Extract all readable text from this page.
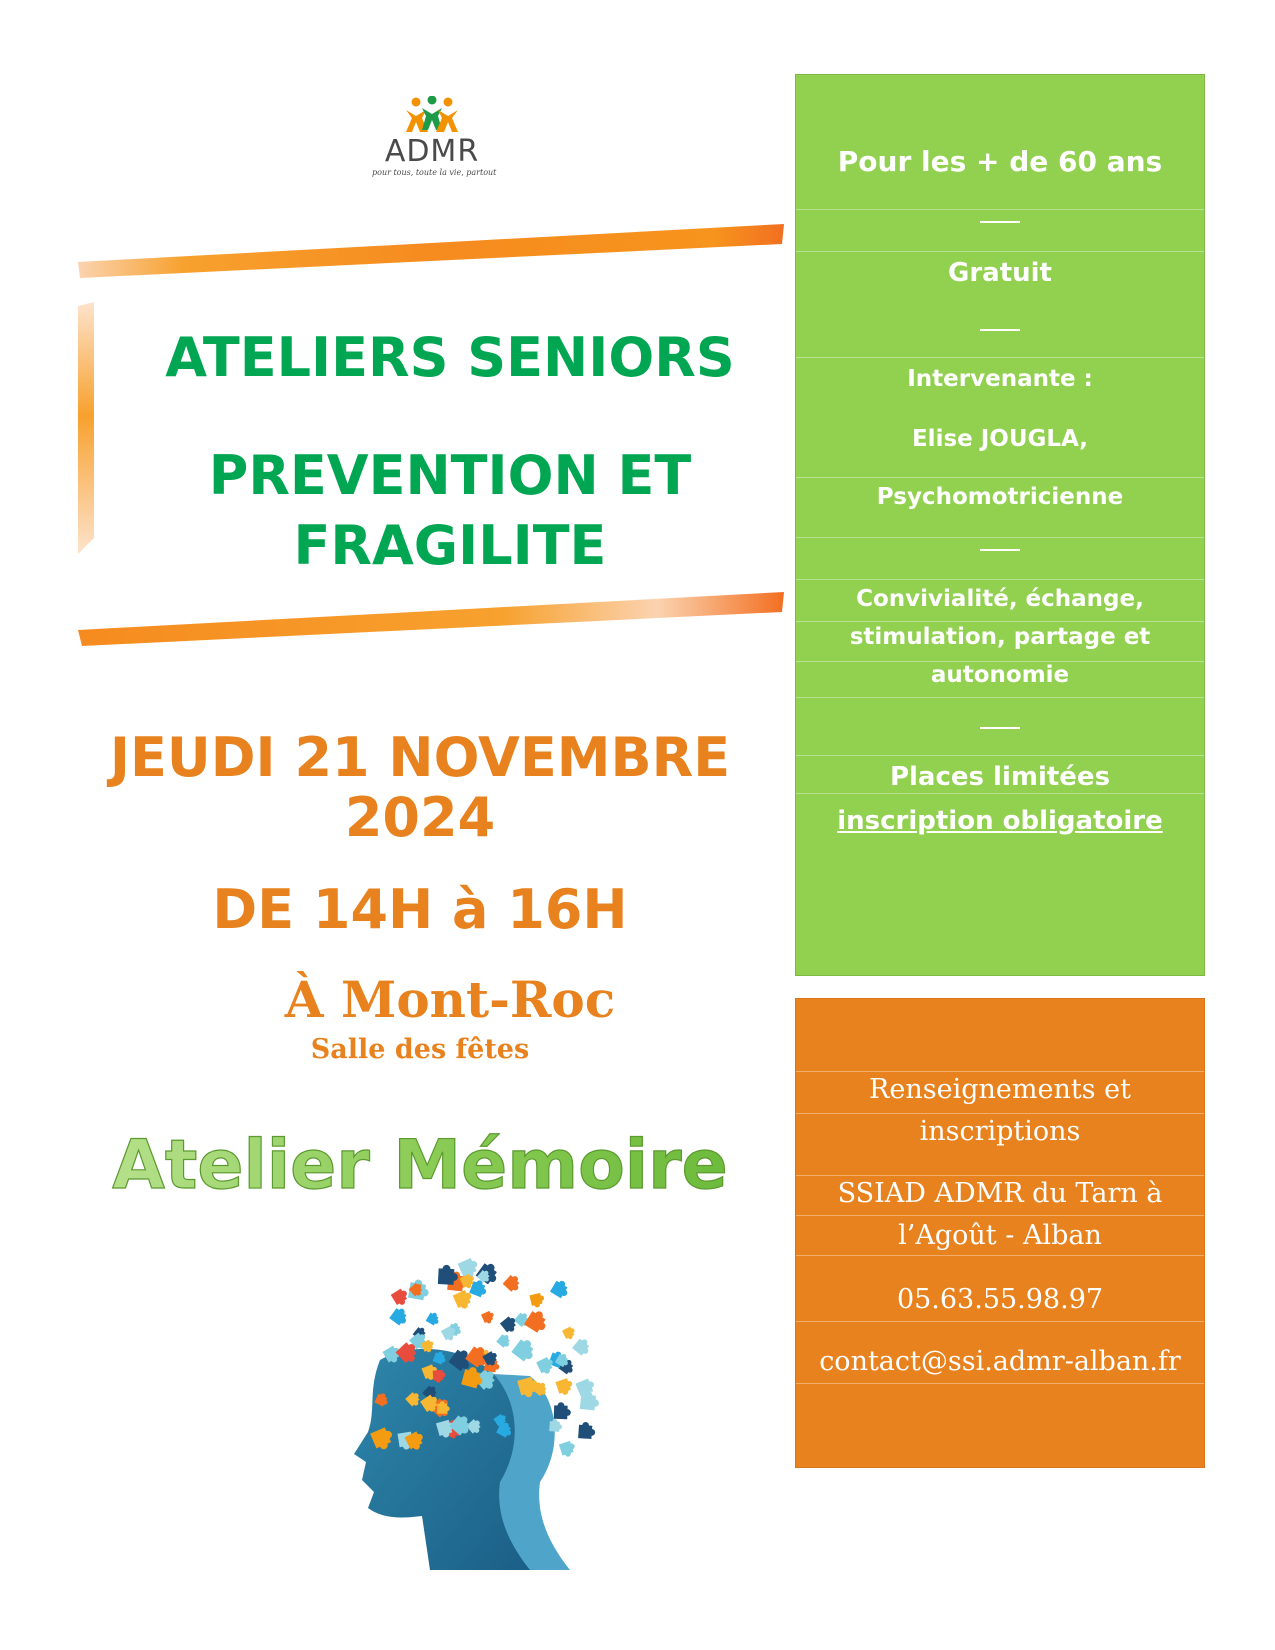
ADMR
pour tous, toute la vie, partout
ATELIERS SENIORS
PREVENTION ET
FRAGILITE
JEUDI 21 NOVEMBRE
2024
DE 14H à 16H
À Mont-Roc
Salle des fêtes
Atelier Mémoire
Pour les + de 60 ans
Gratuit
Intervenante :
Elise JOUGLA,
Psychomotricienne
Convivialité, échange,
stimulation, partage et
autonomie
Places limitées
inscription obligatoire
Renseignements et
inscriptions
SSIAD ADMR du Tarn à
l’Agoût - Alban
05.63.55.98.97
contact@ssi.admr-alban.fr
